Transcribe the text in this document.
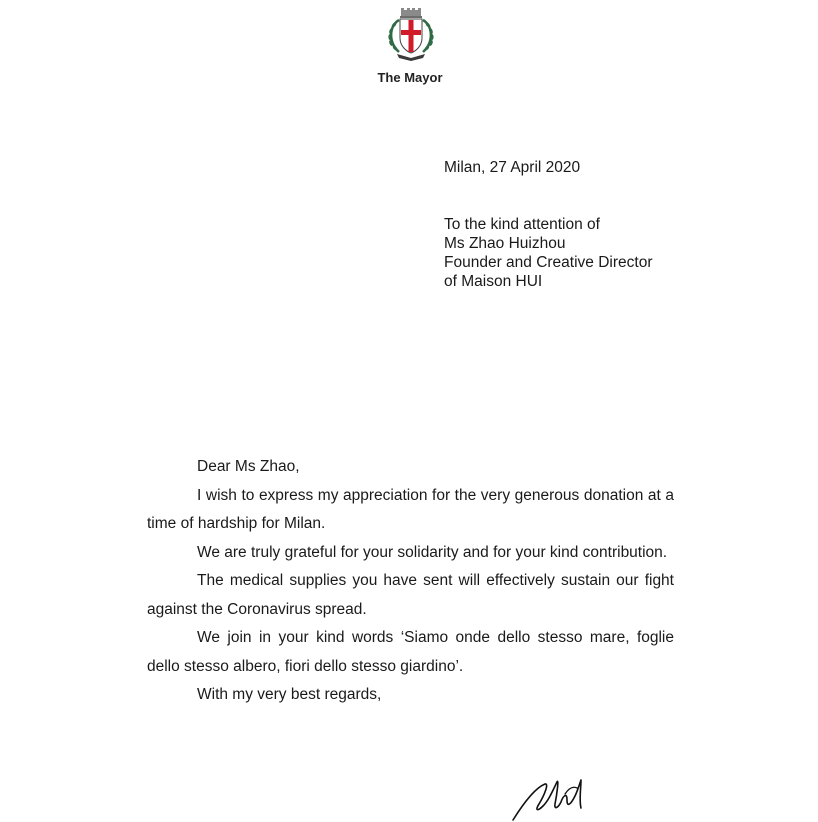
The Mayor
Milan, 27 April 2020
To the kind attention of
Ms Zhao Huizhou
Founder and Creative Director
of Maison HUI

Dear Ms Zhao,

I wish to express my appreciation for the very generous donation at a time of hardship for Milan.

We are truly grateful for your solidarity and for your kind contribution.

The medical supplies you have sent will effectively sustain our fight against the Coronavirus spread.

We join in your kind words ‘Siamo onde dello stesso mare, foglie dello stesso albero, fiori dello stesso giardino’.

With my very best regards,
